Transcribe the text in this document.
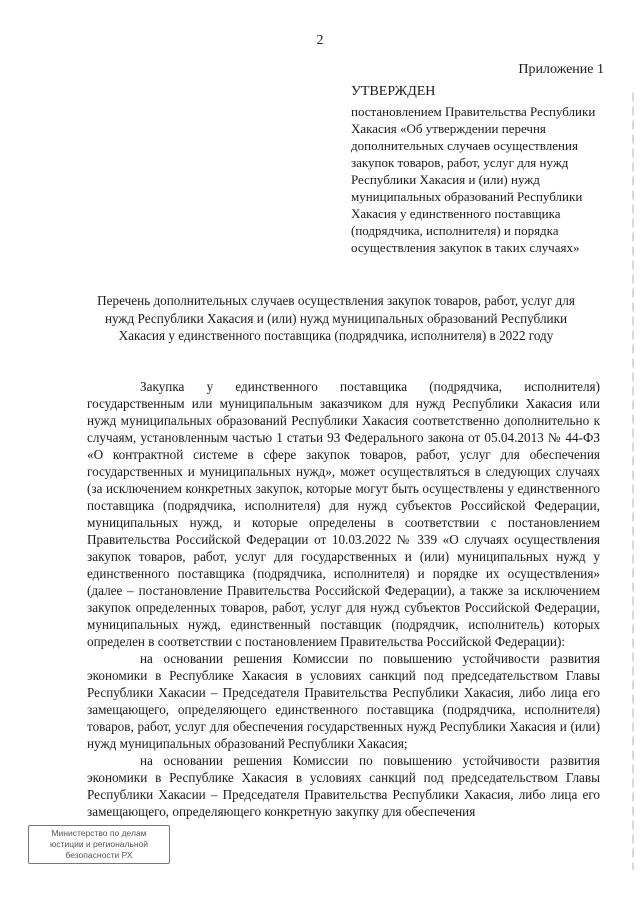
2
Приложение 1
УТВЕРЖДЕН
постановлением Правительства Республики Хакасия «Об утверждении перечня дополнительных случаев осуществления закупок товаров, работ, услуг для нужд Республики Хакасия и (или) нужд муниципальных образований Республики Хакасия у единственного поставщика (подрядчика, исполнителя) и порядка осуществления закупок в таких случаях»
Перечень дополнительных случаев осуществления закупок товаров, работ, услуг для нужд Республики Хакасия и (или) нужд муниципальных образований Республики Хакасия у единственного поставщика (подрядчика, исполнителя) в 2022 году

Закупка у единственного поставщика (подрядчика, исполнителя) государственным или муниципальным заказчиком для нужд Республики Хакасия или нужд муниципальных образований Республики Хакасия соответственно дополнительно к случаям, установленным частью 1 статьи 93 Федерального закона от 05.04.2013 № 44-ФЗ «О контрактной системе в сфере закупок товаров, работ, услуг для обеспечения государственных и муниципальных нужд», может осуществляться в следующих случаях (за исключением конкретных закупок, которые могут быть осуществлены у единственного поставщика (подрядчика, исполнителя) для нужд субъектов Российской Федерации, муниципальных нужд, и которые определены в соответствии с постановлением Правительства Российской Федерации от 10.03.2022 № 339 «О случаях осуществления закупок товаров, работ, услуг для государственных и (или) муниципальных нужд у единственного поставщика (подрядчика, исполнителя) и порядке их осуществления» (далее – постановление Правительства Российской Федерации), а также за исключением закупок определенных товаров, работ, услуг для нужд субъектов Российской Федерации, муниципальных нужд, единственный поставщик (подрядчик, исполнитель) которых определен в соответствии с постановлением Правительства Российской Федерации):

на основании решения Комиссии по повышению устойчивости развития экономики в Республике Хакасия в условиях санкций под председательством Главы Республики Хакасии – Председателя Правительства Республики Хакасия, либо лица его замещающего, определяющего единственного поставщика (подрядчика, исполнителя) товаров, работ, услуг для обеспечения государственных нужд Республики Хакасия и (или) нужд муниципальных образований Республики Хакасия;

на основании решения Комиссии по повышению устойчивости развития экономики в Республике Хакасия в условиях санкций под председательством Главы Республики Хакасии – Председателя Правительства Республики Хакасия, либо лица его замещающего, определяющего конкретную закупку для обеспечения

Министерство по делам
юстиции и региональной
безопасности РХ
